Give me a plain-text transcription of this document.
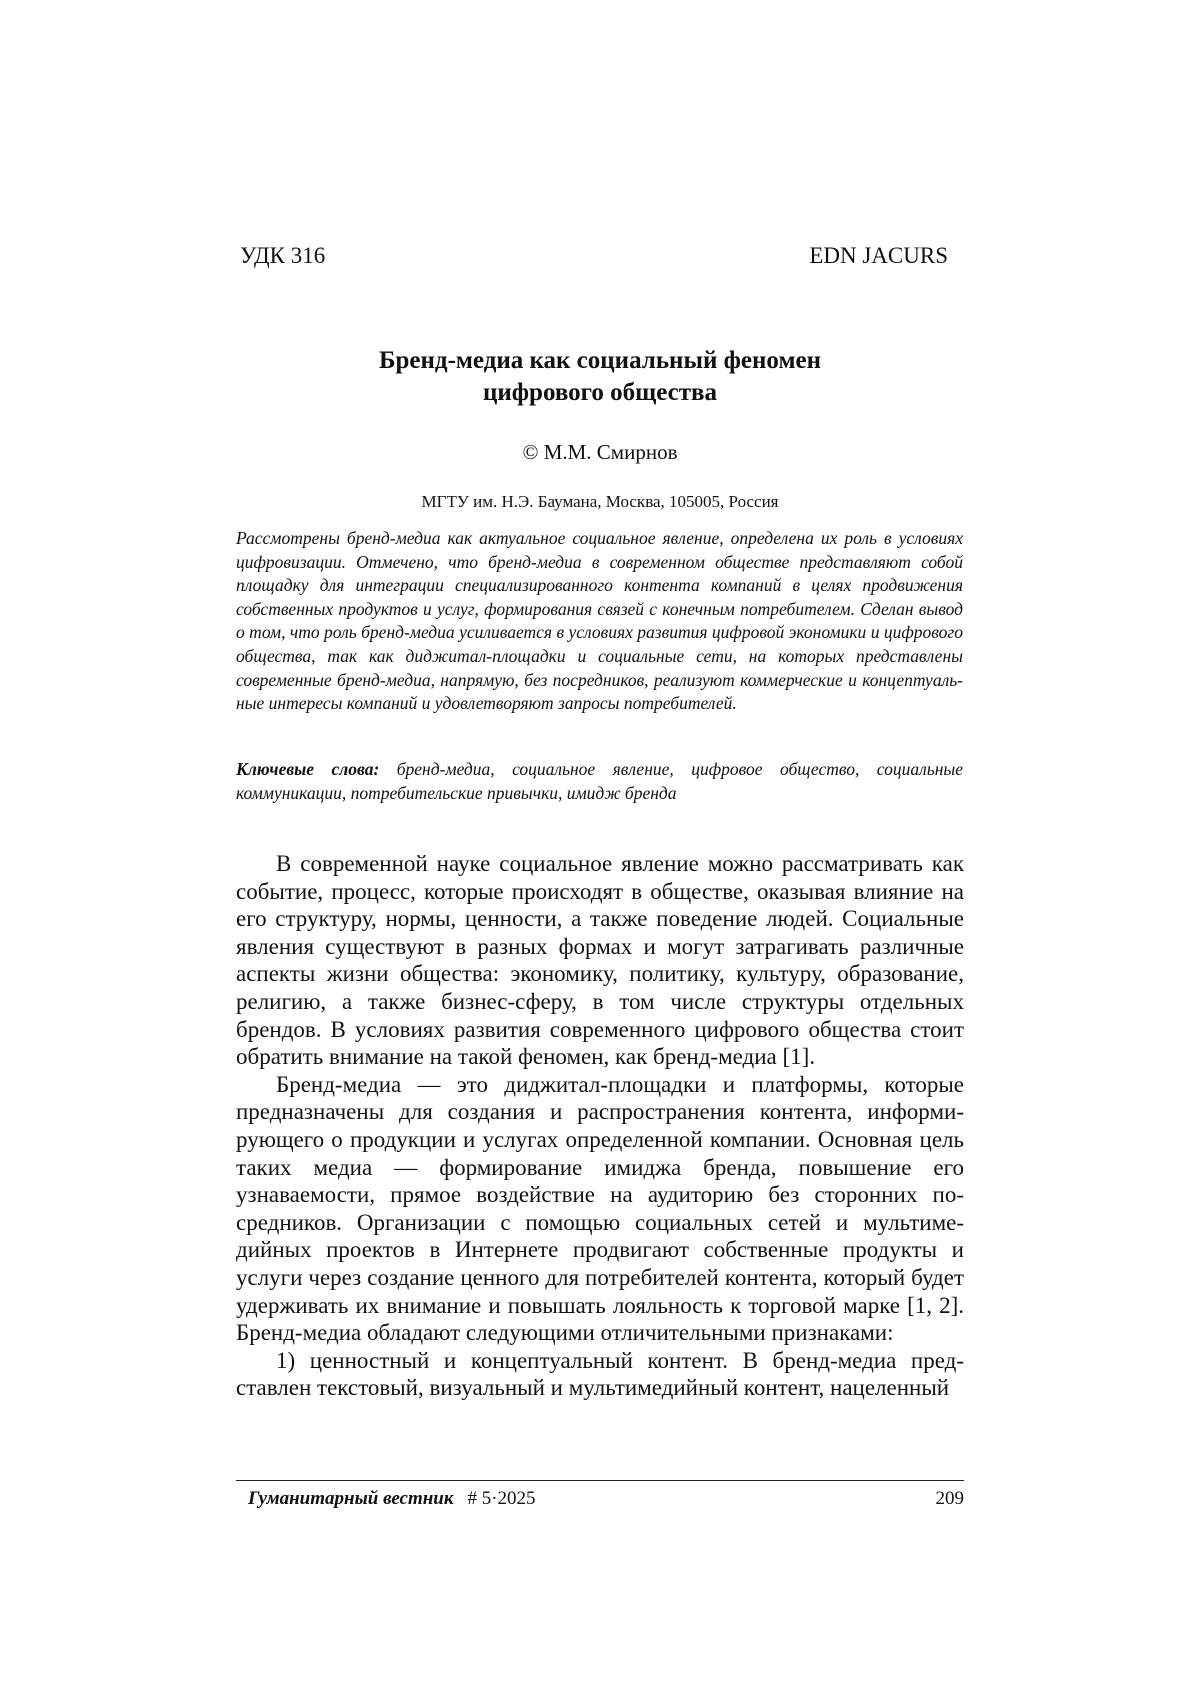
УДК 316	EDN JACURS
Бренд-медиа как социальный феномен
цифрового общества
© М.М. Смирнов
МГТУ им. Н.Э. Баумана, Москва, 105005, Россия

Рассмотрены бренд-медиа как актуальное социальное явление, определена их роль в условиях цифровизации. Отмечено, что бренд-медиа в современном обществе представляют собой площадку для интеграции специализированного контента компаний в целях продвижения собственных продуктов и услуг, формирования связей с конечным потребителем. Сделан вывод о том, что роль бренд-медиа усиливается в условиях развития цифровой экономики и цифрового общества, так как диджитал-площадки и социальные сети, на которых представлены современные бренд-медиа, напрямую, без посредников, реализуют коммерческие и концептуальные интересы компаний и удовлетворяют запросы потребителей.

Ключевые слова: бренд-медиа, социальное явление, цифровое общество, социальные коммуникации, потребительские привычки, имидж бренда

В современной науке социальное явление можно рассматривать как событие, процесс, которые происходят в обществе, оказывая влияние на его структуру, нормы, ценности, а также поведение людей. Социальные явления существуют в разных формах и могут затрагивать различные аспекты жизни общества: экономику, политику, культуру, образование, религию, а также бизнес-сферу, в том числе структуры отдельных брендов. В условиях развития современного цифрового общества стоит обратить внимание на такой феномен, как бренд-медиа [1].

Бренд-медиа — это диджитал-площадки и платформы, которые предназначены для создания и распространения контента, информирующего о продукции и услугах определенной компании. Основная цель таких медиа — формирование имиджа бренда, повышение его узнаваемости, прямое воздействие на аудиторию без сторонних посредников. Организации с помощью социальных сетей и мультимедийных проектов в Интернете продвигают собственные продукты и услуги через создание ценного для потребителей контента, который будет удерживать их внимание и повышать лояльность к торговой марке [1, 2]. Бренд-медиа обладают следующими отличительными признаками:

1) ценностный и концептуальный контент. В бренд-медиа представлен текстовый, визуальный и мультимедийный контент, нацеленный

Гуманитарный вестник # 5·2025	209
